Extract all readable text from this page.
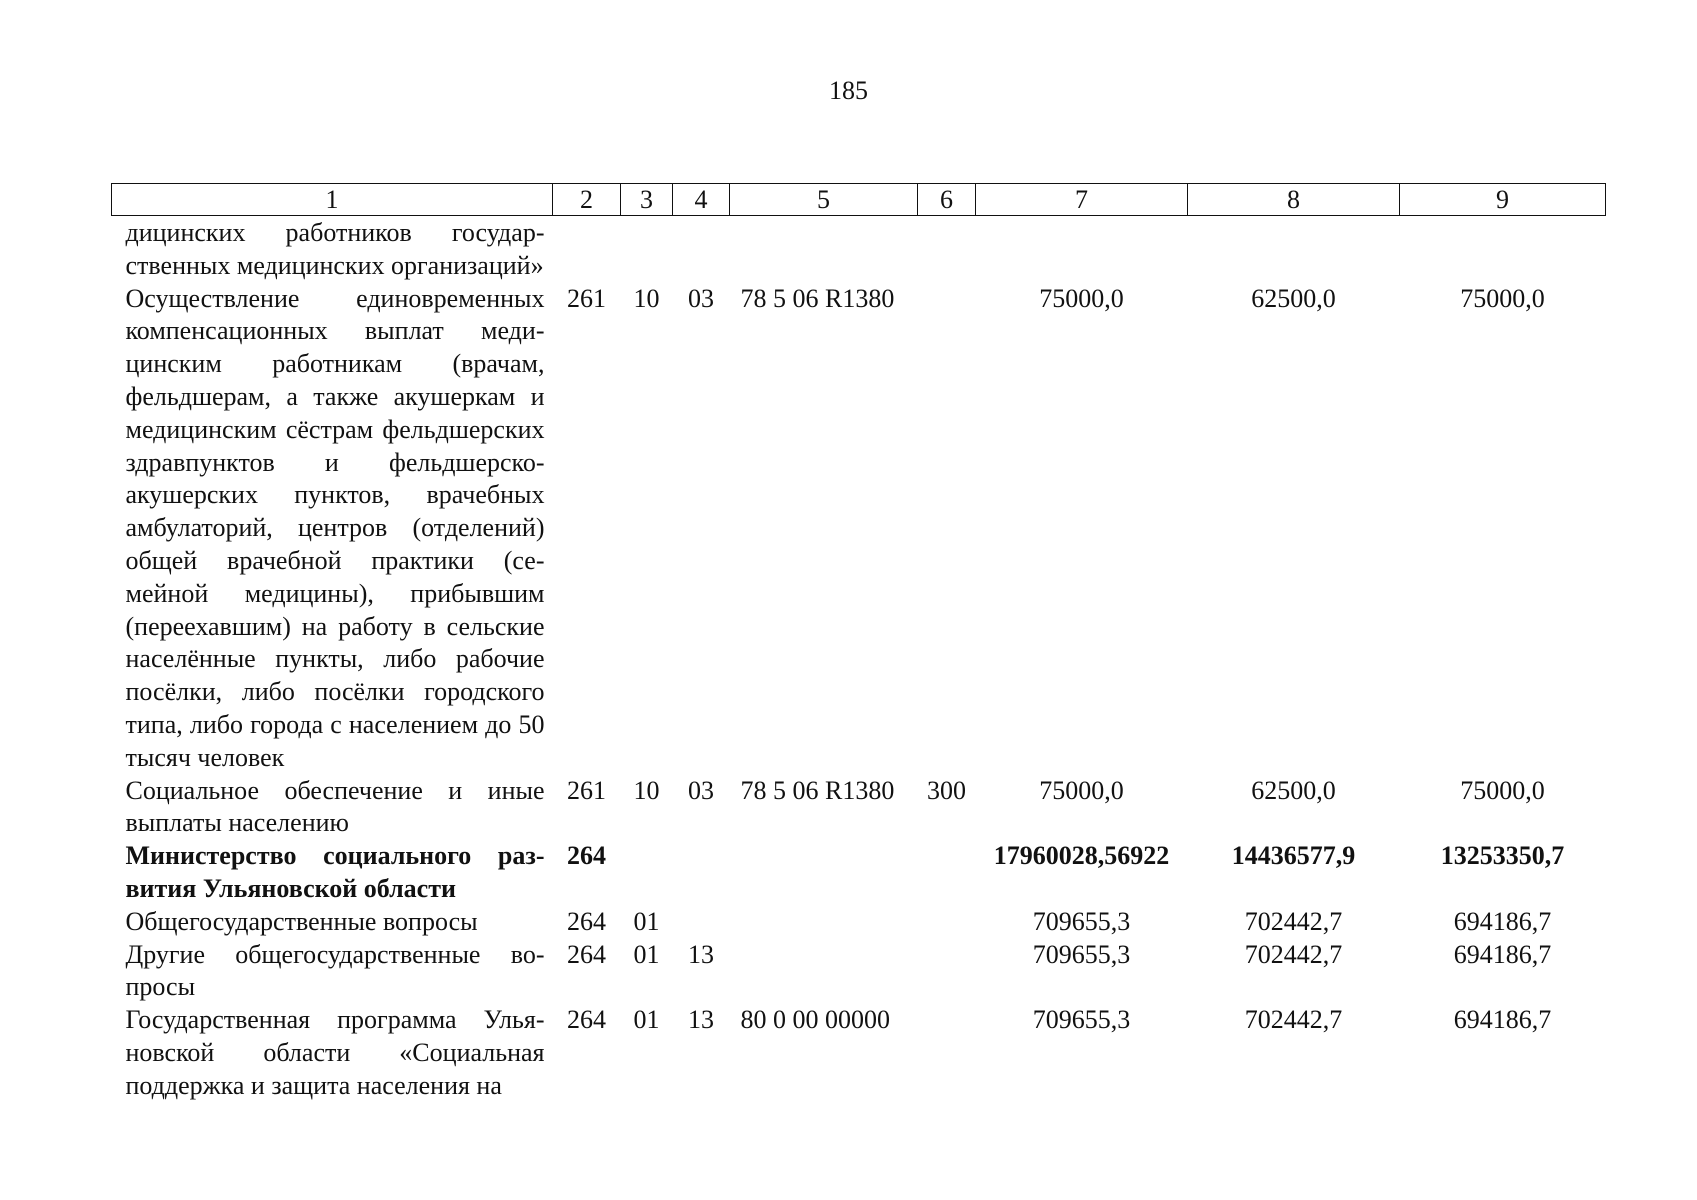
185
1	2	3	4	5	6	7	8	9
дицинских работников государственных медицинских организаций»								
Осуществление единовременных компенсационных выплат медицинским работникам (врачам, фельдшерам, а также акушеркам и медицинским сёстрам фельдшерских здравпунктов и фельдшерско-акушерских пунктов, врачебных амбулаторий, центров (отделений) общей врачебной практики (семейной медицины), прибывшим (переехавшим) на работу в сельские населённые пункты, либо рабочие посёлки, либо посёлки городского типа, либо города с населением до 50 тысяч человек	261	10	03	78 5 06 R1380		75000,0	62500,0	75000,0
Социальное обеспечение и иные выплаты населению	261	10	03	78 5 06 R1380	300	75000,0	62500,0	75000,0
Министерство социального развития Ульяновской области	264					17960028,56922	14436577,9	13253350,7
Общегосударственные вопросы	264	01				709655,3	702442,7	694186,7
Другие общегосударственные вопросы	264	01	13			709655,3	702442,7	694186,7
Государственная программа Ульяновской области «Социальная поддержка и защита населения на	264	01	13	80 0 00 00000		709655,3	702442,7	694186,7
